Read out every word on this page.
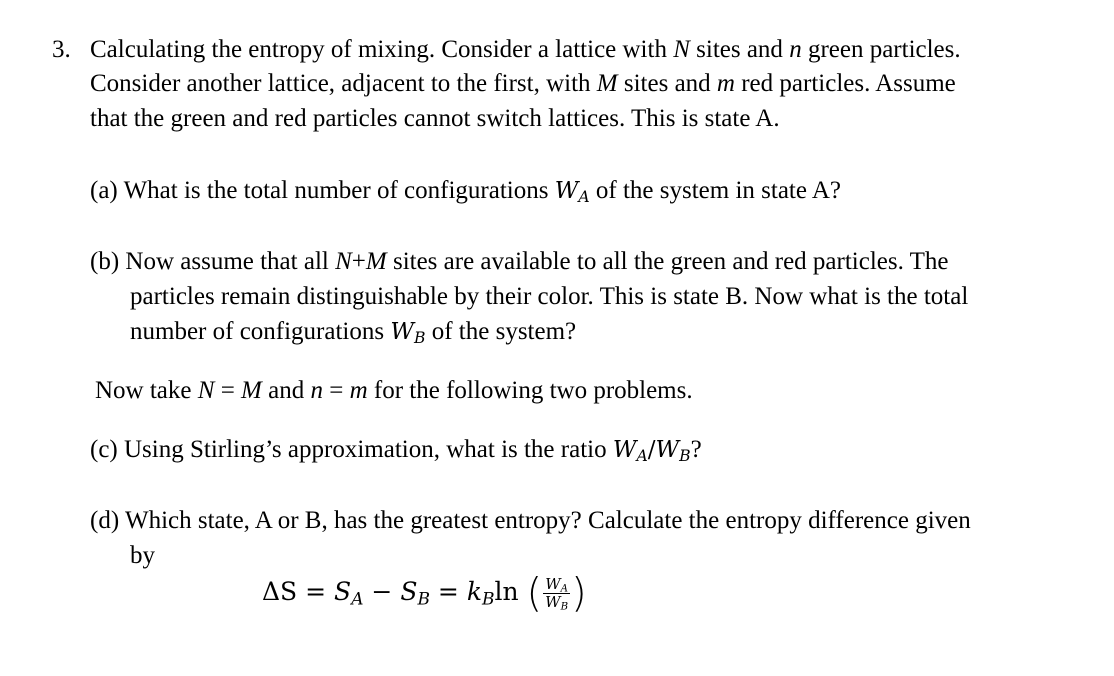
3. Calculating the entropy of mixing. Consider a lattice with N sites and n green particles.
Consider another lattice, adjacent to the first, with M sites and m red particles. Assume
that the green and red particles cannot switch lattices. This is state A.
(a) What is the total number of configurations $W_A$ of the system in state A?
(b) Now assume that all N+M sites are available to all the green and red particles. The
particles remain distinguishable by their color. This is state B. Now what is the total
number of configurations $W_B$ of the system?
Now take N = M and n = m for the following two problems.
(c) Using Stirling’s approximation, what is the ratio $W_A/W_B$?
(d) Which state, A or B, has the greatest entropy? Calculate the entropy difference given
by
$\Delta S = S_A - S_B = k_B\ln$ ( $\frac{W_A}{W_B}$ )
